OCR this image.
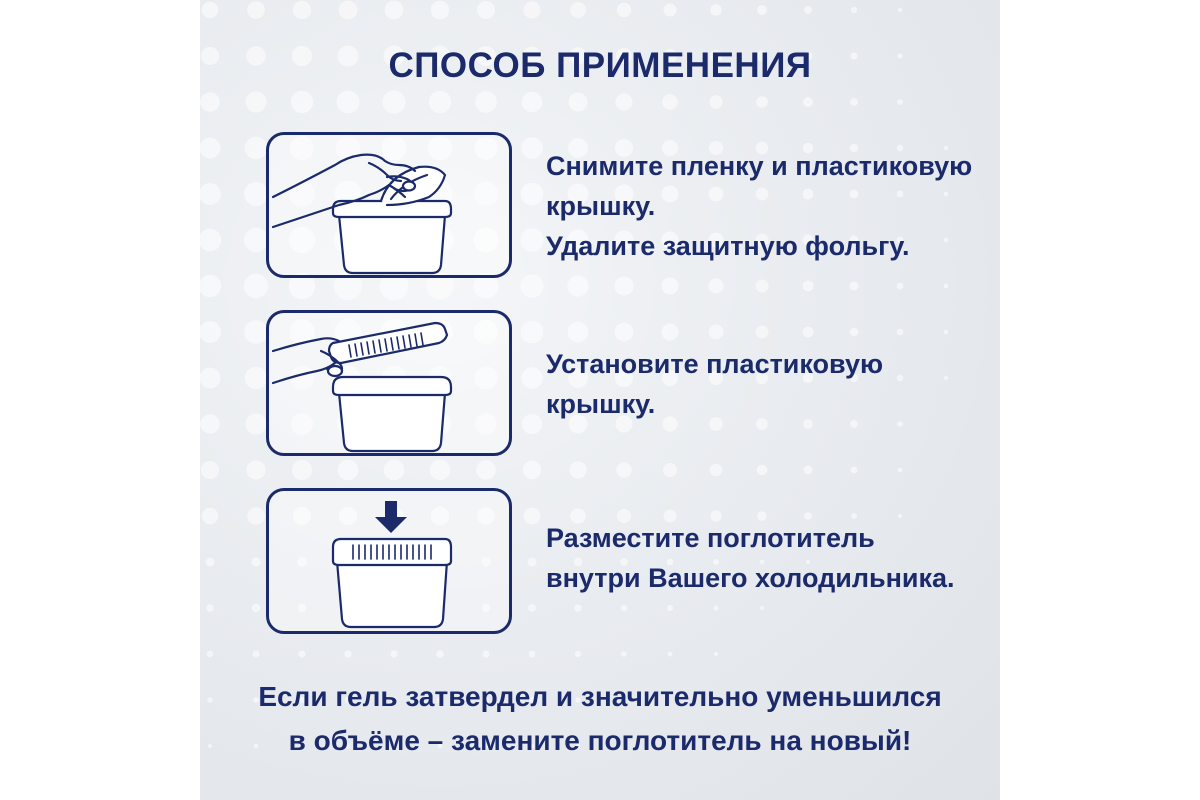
СПОСОБ ПРИМЕНЕНИЯ
Снимите пленку и пластиковую
крышку.
Удалите защитную фольгу.
Установите пластиковую
крышку.
Разместите поглотитель
внутри Вашего холодильника.
Если гель затвердел и значительно уменьшился
в объёме – замените поглотитель на новый!
